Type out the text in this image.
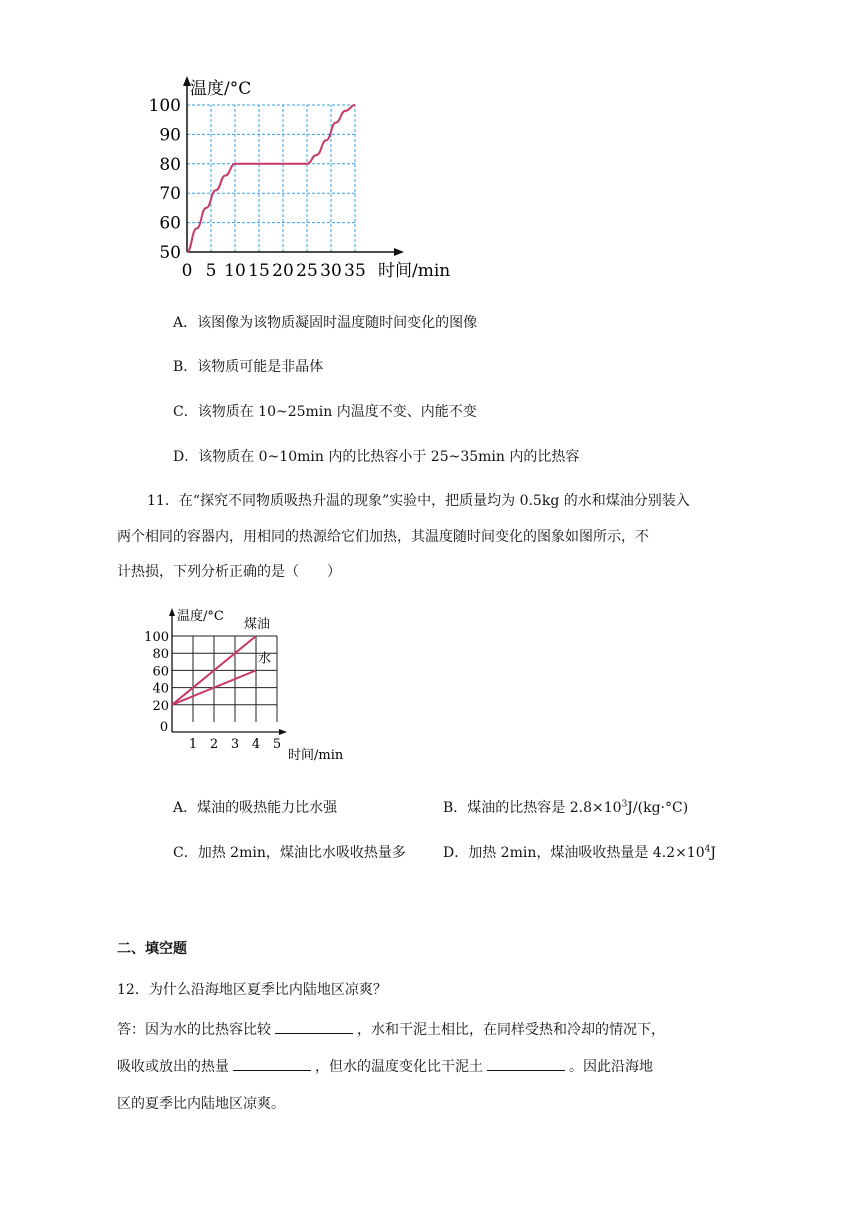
0 5 10 15 20 25 30 35
50
60
70
80
90
100
温度/°C
时间/min
A．该图像为该物质凝固时温度随时间变化的图像
B．该物质可能是非晶体
C．该物质在 10~25min 内温度不变、内能不变
D．该物质在 0~10min 内的比热容小于 25~35min 内的比热容
11．在“探究不同物质吸热升温的现象”实验中，把质量均为 0.5kg 的水和煤油分别装入
两个相同的容器内，用相同的热源给它们加热，其温度随时间变化的图象如图所示，不
计热损，下列分析正确的是（　　）
0
1 2 3 4 5
20
40
60
80
100
煤油
水
温度/°C
时间/min
A．煤油的吸热能力比水强	B．煤油的比热容是 $2.8\times 10^3J/(kg\cdot^\circ C)$
C．加热 2min，煤油比水吸收热量多	D．加热 2min，煤油吸收热量是 $4.2\times 10^4J$
二、填空题
12．为什么沿海地区夏季比内陆地区凉爽？
答：因为水的比热容比较	，水和干泥土相比，在同样受热和冷却的情况下，
吸收或放出的热量	，但水的温度变化比干泥土	。因此沿海地
区的夏季比内陆地区凉爽。
